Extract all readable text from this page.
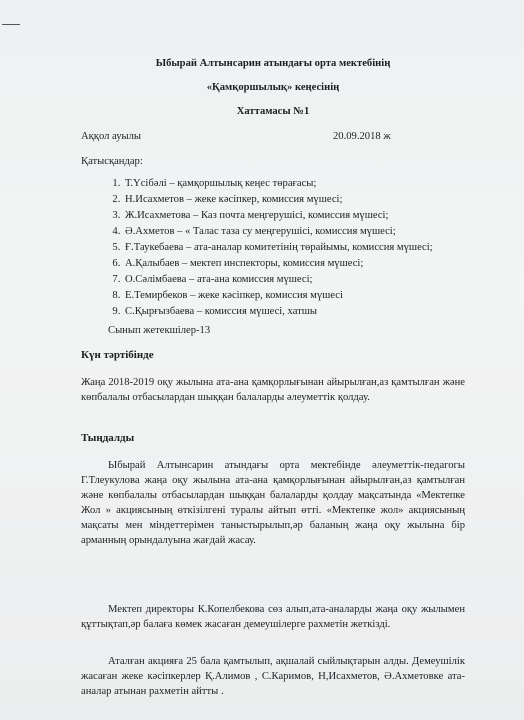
Ыбырай Алтынсарин атындағы орта мектебінің
«Қамқоршылық» кеңесінің
Хаттамасы №1
Аққол ауылы	20.09.2018 ж
Қатысқандар:
1. Т.Үсібәлі – қамқоршылық кеңес төрағасы;
2. Н.Исахметов – жеке кәсіпкер, комиссия мүшесі;
3. Ж.Исахметова – Каз почта меңгерушісі, комиссия мүшесі;
4. Ә.Ахметов – « Талас таза су меңгерушісі, комиссия мүшесі;
5. Ғ.Таукебаева – ата-аналар комитетінің төрайымы, комиссия мүшесі;
6. А.Қалыбаев – мектеп инспекторы, комиссия мүшесі;
7. О.Сәлімбаева – ата-ана комиссия мүшесі;
8. Е.Темирбеков – жеке кәсіпкер, комиссия мүшесі
9. С.Қырғызбаева – комиссия мүшесі, хатшы
Сынып жетекшілер-13
Күн тәртібінде
Жаңа 2018-2019 оқу жылына ата-ана қамқорлығынан айырылған,аз қамтылған және көпбалалы отбасылардан шыққан балаларды әлеуметтік қолдау.
Тыңдалды
Ыбырай Алтынсарин атындағы орта мектебінде әлеуметтік-педагогы Г.Тлеукулова жаңа оқу жылына ата-ана қамқорлығынан айырылған,аз қамтылған және көпбалалы отбасылардан шыққан балаларды қолдау мақсатында «Мектепке Жол » акциясының өткізілгені туралы айтып өтті. «Мектепке жол» акциясының мақсаты мен міндеттерімен таныстырылып,әр баланың жаңа оқу жылына бір арманның орындалуына жағдай жасау.
Мектеп директоры К.Копелбекова сөз алып,ата-аналарды жаңа оқу жылымен құттықтап,әр балаға көмек жасаған демеушілерге рахметін жеткізді.
Аталған акцияға 25 бала қамтылып, ақшалай сыйлықтарын алды. Демеушілік жасаған жеке кәсіпкерлер Қ.Алимов , С.Каримов, Н,Исахметов, Ә.Ахметовке ата-аналар атынан рахметін айтты .
